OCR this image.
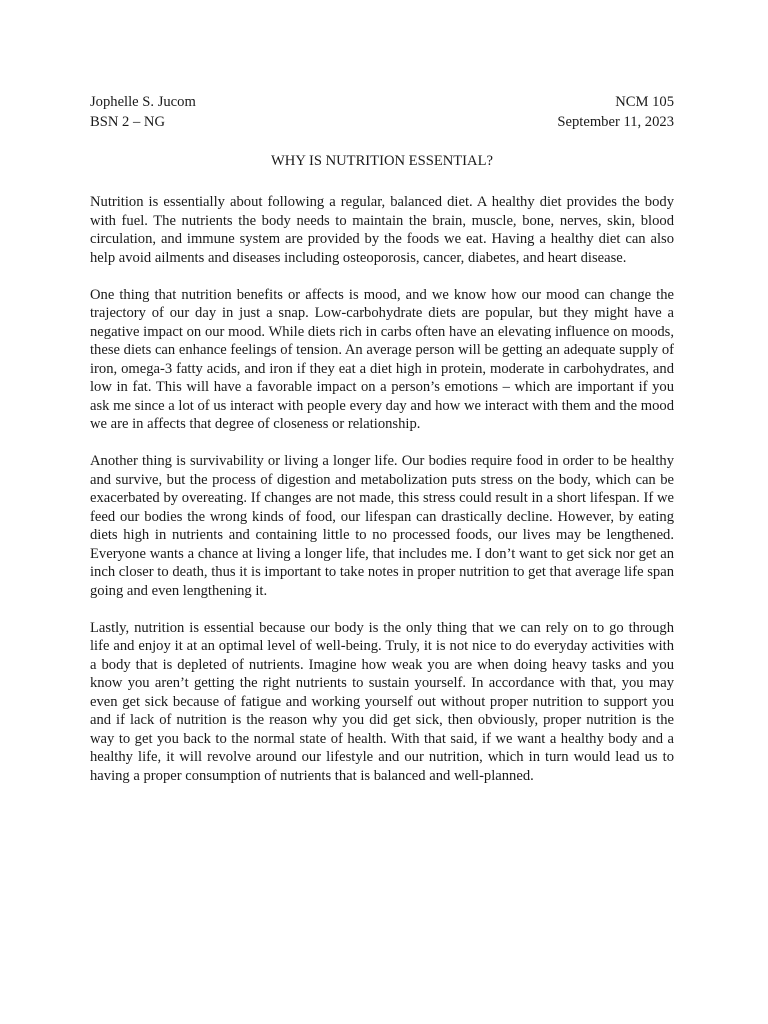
Jophelle S. Jucom
BSN 2 – NG
NCM 105
September 11, 2023
WHY IS NUTRITION ESSENTIAL?

Nutrition is essentially about following a regular, balanced diet. A healthy diet provides the body with fuel. The nutrients the body needs to maintain the brain, muscle, bone, nerves, skin, blood circulation, and immune system are provided by the foods we eat. Having a healthy diet can also help avoid ailments and diseases including osteoporosis, cancer, diabetes, and heart disease.

One thing that nutrition benefits or affects is mood, and we know how our mood can change the trajectory of our day in just a snap. Low-carbohydrate diets are popular, but they might have a negative impact on our mood. While diets rich in carbs often have an elevating influence on moods, these diets can enhance feelings of tension. An average person will be getting an adequate supply of iron, omega-3 fatty acids, and iron if they eat a diet high in protein, moderate in carbohydrates, and low in fat. This will have a favorable impact on a person’s emotions – which are important if you ask me since a lot of us interact with people every day and how we interact with them and the mood we are in affects that degree of closeness or relationship.

Another thing is survivability or living a longer life. Our bodies require food in order to be healthy and survive, but the process of digestion and metabolization puts stress on the body, which can be exacerbated by overeating. If changes are not made, this stress could result in a short lifespan. If we feed our bodies the wrong kinds of food, our lifespan can drastically decline. However, by eating diets high in nutrients and containing little to no processed foods, our lives may be lengthened. Everyone wants a chance at living a longer life, that includes me. I don’t want to get sick nor get an inch closer to death, thus it is important to take notes in proper nutrition to get that average life span going and even lengthening it.

Lastly, nutrition is essential because our body is the only thing that we can rely on to go through life and enjoy it at an optimal level of well-being. Truly, it is not nice to do everyday activities with a body that is depleted of nutrients. Imagine how weak you are when doing heavy tasks and you know you aren’t getting the right nutrients to sustain yourself. In accordance with that, you may even get sick because of fatigue and working yourself out without proper nutrition to support you and if lack of nutrition is the reason why you did get sick, then obviously, proper nutrition is the way to get you back to the normal state of health. With that said, if we want a healthy body and a healthy life, it will revolve around our lifestyle and our nutrition, which in turn would lead us to having a proper consumption of nutrients that is balanced and well-planned.
